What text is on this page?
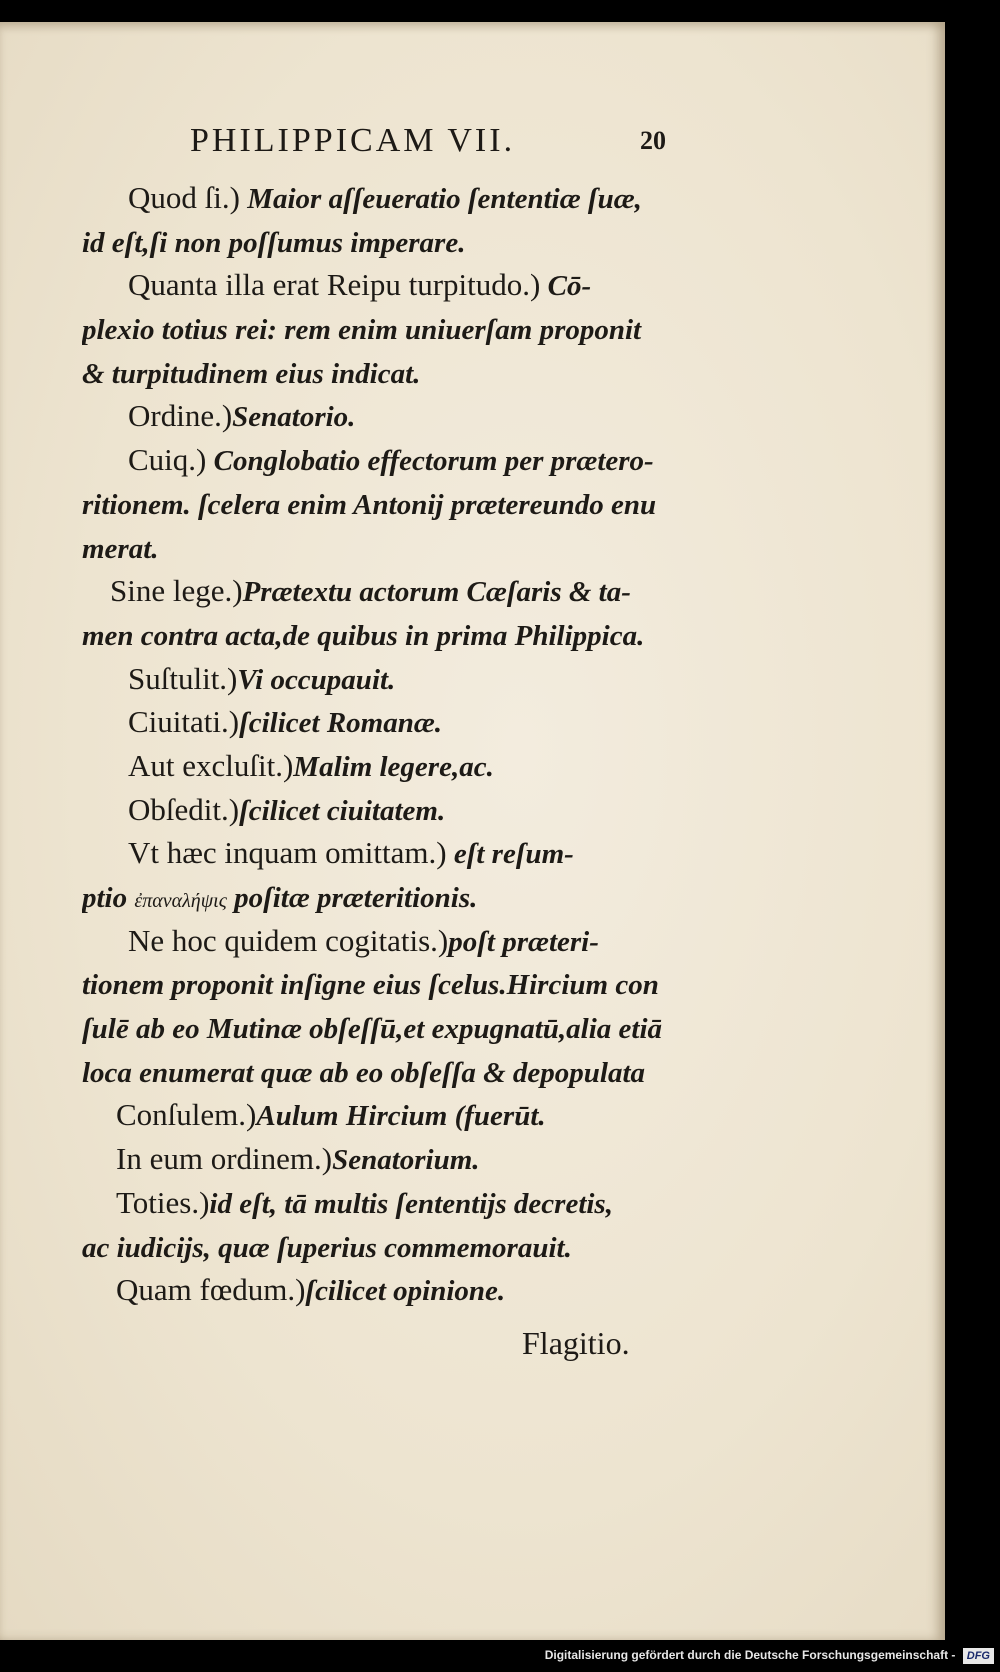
PHILIPPICAM VII.	20
Quod ſi.) Maior aſſeueratio ſententiæ ſuæ,
id eſt,ſi non poſſumus imperare.
Quanta illa erat Reipu turpitudo.) Cō-
plexio totius rei: rem enim uniuerſam proponit
& turpitudinem eius indicat.
Ordine.)Senatorio.
Cuiq.) Conglobatio effectorum per prætero-
ritionem. ſcelera enim Antonij prætereundo enu
merat.
Sine lege.)Prætextu actorum Cæſaris & ta-
men contra acta,de quibus in prima Philippica.
Suſtulit.)Vi occupauit.
Ciuitati.)ſcilicet Romanæ.
Aut excluſit.)Malim legere,ac.
Obſedit.)ſcilicet ciuitatem.
Vt hæc inquam omittam.) eſt reſum-
ptio ἐπαναλήψις poſitæ præteritionis.
Ne hoc quidem cogitatis.)poſt præteri-
tionem proponit inſigne eius ſcelus.Hircium con
ſulē ab eo Mutinæ obſeſſū,et expugnatū,alia etiā
loca enumerat quæ ab eo obſeſſa & depopulata
Conſulem.)Aulum Hircium (fuerūt.
In eum ordinem.)Senatorium.
Toties.)id eſt, tā multis ſententijs decretis,
ac iudicijs, quæ ſuperius commemorauit.
Quam fœdum.)ſcilicet opinione.
Flagitio.
Digitalisierung gefördert durch die Deutsche Forschungsgemeinschaft - DFG
